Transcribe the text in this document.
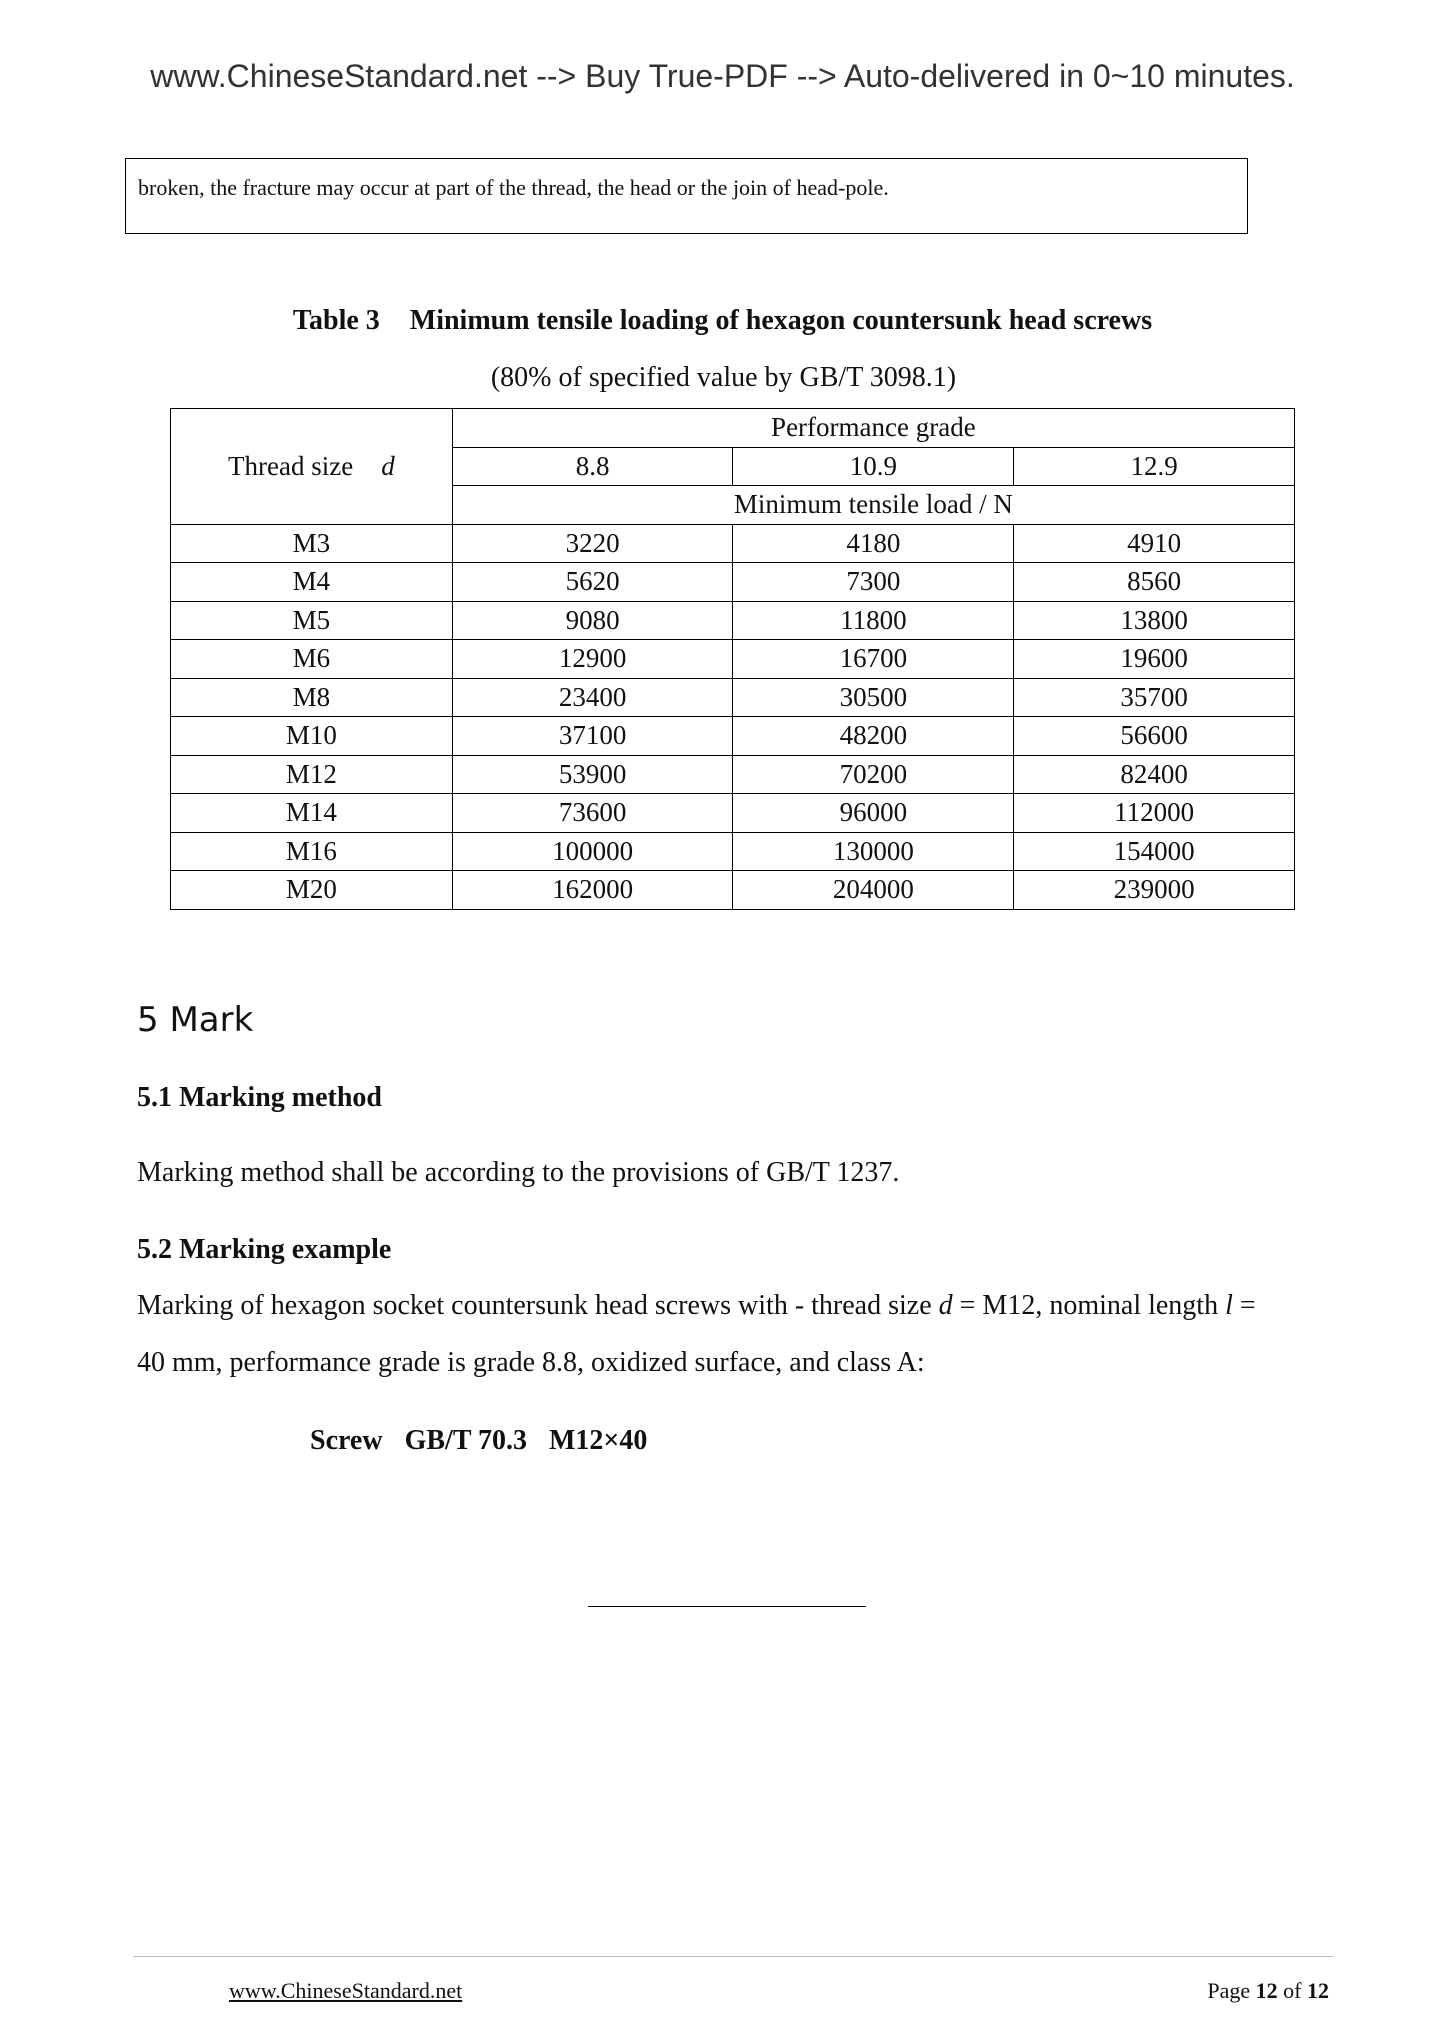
www.ChineseStandard.net --> Buy True-PDF --> Auto-delivered in 0~10 minutes.
broken, the fracture may occur at part of the thread, the head or the join of head-pole.
Table 3 Minimum tensile loading of hexagon countersunk head screws
(80% of specified value by GB/T 3098.1)
Thread size d	Performance grade		
	8.8	10.9	12.9
	Minimum tensile load / N		
M3	3220	4180	4910
M4	5620	7300	8560
M5	9080	11800	13800
M6	12900	16700	19600
M8	23400	30500	35700
M10	37100	48200	56600
M12	53900	70200	82400
M14	73600	96000	112000
M16	100000	130000	154000
M20	162000	204000	239000
5 Mark
5.1 Marking method
Marking method shall be according to the provisions of GB/T 1237.
5.2 Marking example
Marking of hexagon socket countersunk head screws with - thread size d = M12, nominal length l =
40 mm, performance grade is grade 8.8, oxidized surface, and class A:
Screw GB/T 70.3 M12×40
www.ChineseStandard.net	Page 12 of 12
